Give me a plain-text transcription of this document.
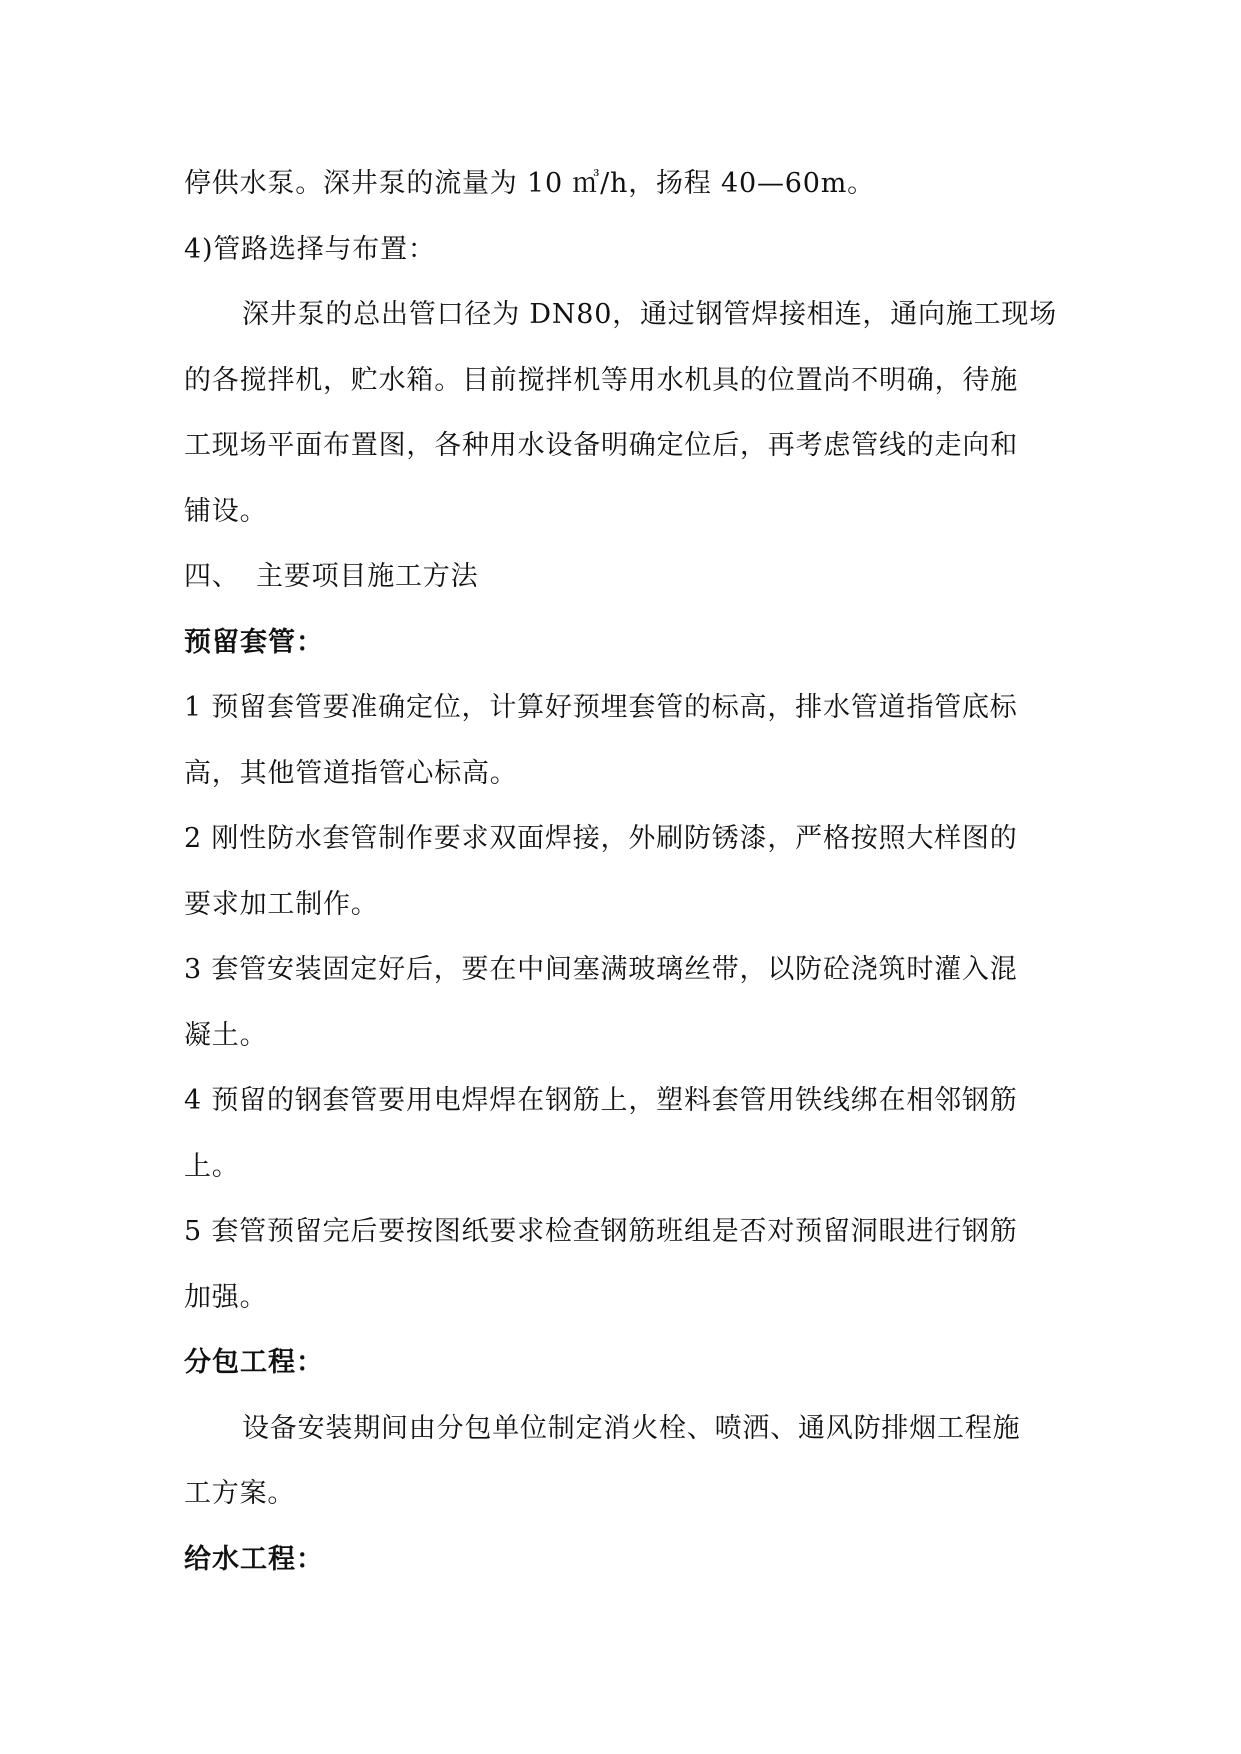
停供水泵。深井泵的流量为 10 ㎥/h，扬程 40—60m。
4)管路选择与布置：
深井泵的总出管口径为 DN80，通过钢管焊接相连，通向施工现场
的各搅拌机，贮水箱。目前搅拌机等用水机具的位置尚不明确，待施
工现场平面布置图，各种用水设备明确定位后，再考虑管线的走向和
铺设。
四、 主要项目施工方法
预留套管：
1 预留套管要准确定位，计算好预埋套管的标高，排水管道指管底标
高，其他管道指管心标高。
2 刚性防水套管制作要求双面焊接，外刷防锈漆，严格按照大样图的
要求加工制作。
3 套管安装固定好后，要在中间塞满玻璃丝带，以防砼浇筑时灌入混
凝土。
4 预留的钢套管要用电焊焊在钢筋上，塑料套管用铁线绑在相邻钢筋
上。
5 套管预留完后要按图纸要求检查钢筋班组是否对预留洞眼进行钢筋
加强。
分包工程：
设备安装期间由分包单位制定消火栓、喷洒、通风防排烟工程施
工方案。
给水工程：
